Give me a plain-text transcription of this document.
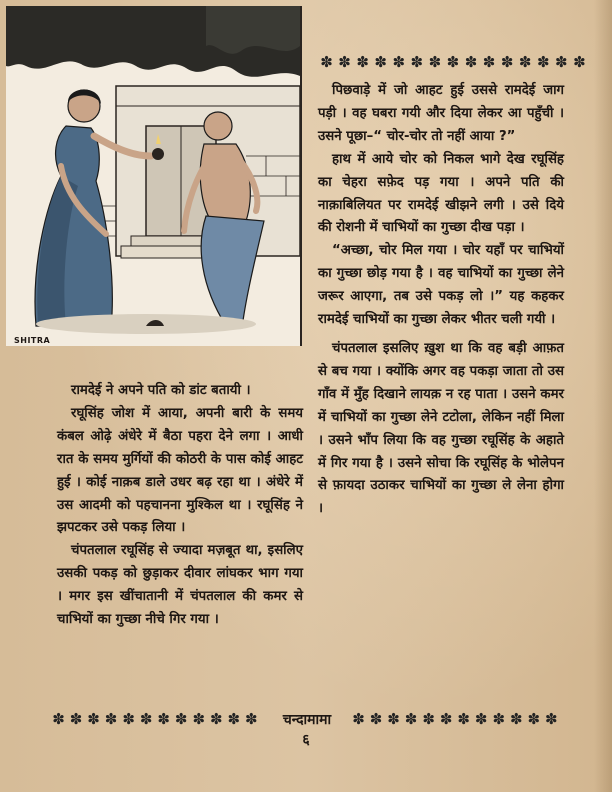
SHITRA
✽ ✽ ✽ ✽ ✽ ✽ ✽ ✽ ✽ ✽ ✽ ✽ ✽ ✽ ✽
✽ ✽ ✽ ✽ ✽ ✽ ✽ ✽ ✽ ✽ ✽ ✽	✽ ✽ ✽ ✽ ✽ ✽ ✽ ✽ ✽ ✽ ✽ ✽

पिछवाड़े में जो आहट हुई उससे रामदेई जाग पड़ी । वह घबरा गयी और दिया लेकर आ पहुँची । उसने पूछा–“ चोर-चोर तो नहीं आया ?”

हाथ में आये चोर को निकल भागे देख रघूसिंह का चेहरा सफ़ेद पड़ गया । अपने पति की नाक़ाबिलियत पर रामदेई खीझने लगी । उसे दिये की रोशनी में चाभियों का गुच्छा दीख पड़ा ।

“अच्छा, चोर मिल गया । चोर यहाँ पर चाभियों का गुच्छा छोड़ गया है । वह चाभियों का गुच्छा लेने जरूर आएगा, तब उसे पकड़ लो ।” यह कहकर रामदेई चाभियों का गुच्छा लेकर भीतर चली गयी ।

चंपतलाल इसलिए ख़ुश था कि वह बड़ी आफ़त से बच गया । क्योंकि अगर वह पकड़ा जाता तो उस गाँव में मुँह दिखाने लायक़ न रह पाता । उसने कमर में चाभियों का गुच्छा लेने टटोला, लेकिन नहीं मिला । उसने भाँप लिया कि वह गुच्छा रघूसिंह के अहाते में गिर गया है । उसने सोचा कि रघूसिंह के भोलेपन से फ़ायदा उठाकर चाभियों का गुच्छा ले लेना होगा ।

रामदेई ने अपने पति को डांट बतायी ।

रघूसिंह जोश में आया, अपनी बारी के समय कंबल ओढ़े अंधेरे में बैठा पहरा देने लगा । आधी रात के समय मुर्गियों की कोठरी के पास कोई आहट हुई । कोई नाक़ब डाले उधर बढ़ रहा था । अंधेरे में उस आदमी को पहचानना मुश्किल था । रघूसिंह ने झपटकर उसे पकड़ लिया ।

चंपतलाल रघूसिंह से ज्यादा मज़बूत था, इसलिए उसकी पकड़ को छुड़ाकर दीवार लांघकर भाग गया । मगर इस खींचातानी में चंपतलाल की कमर से चाभियों का गुच्छा नीचे गिर गया ।

चन्दामामा
६
